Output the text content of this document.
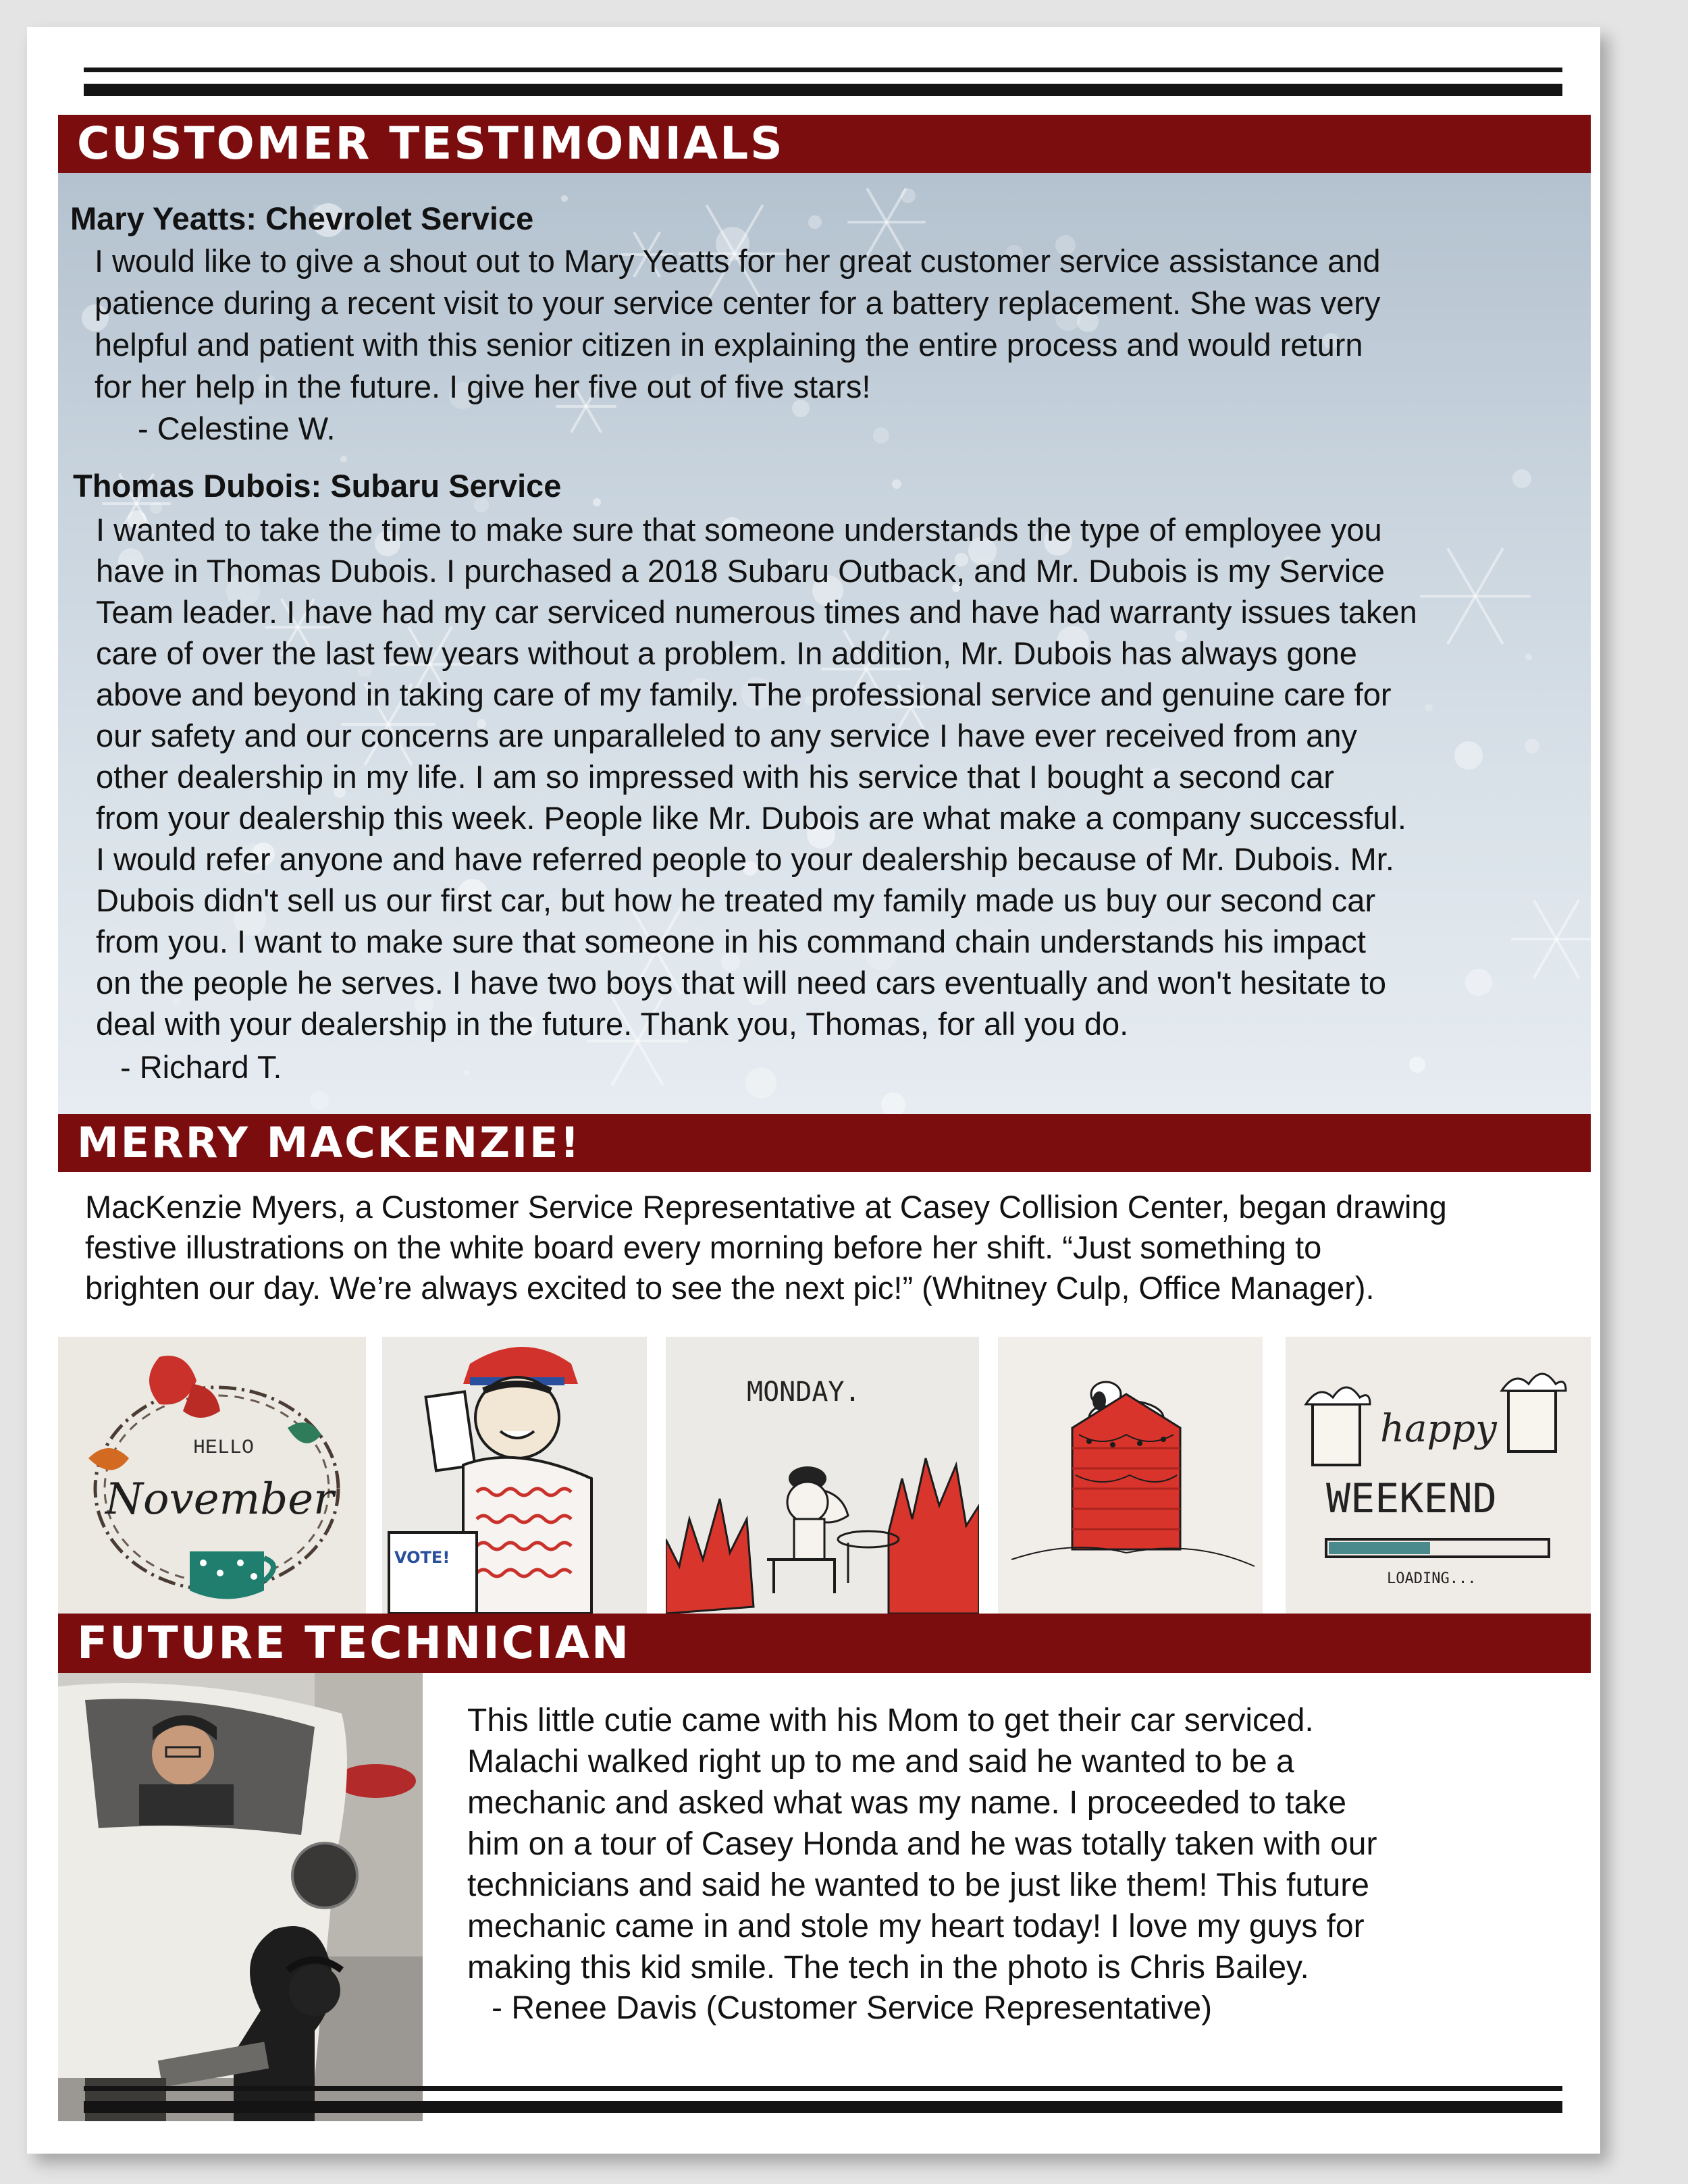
CUSTOMER TESTIMONIALS
Mary Yeatts: Chevrolet Service
I would like to give a shout out to Mary Yeatts for her great customer service assistance and
patience during a recent visit to your service center for a battery replacement. She was very
helpful and patient with this senior citizen in explaining the entire process and would return
for her help in the future. I give her five out of five stars!
- Celestine W.
Thomas Dubois: Subaru Service
I wanted to take the time to make sure that someone understands the type of employee you
have in Thomas Dubois. I purchased a 2018 Subaru Outback, and Mr. Dubois is my Service
Team leader. I have had my car serviced numerous times and have had warranty issues taken
care of over the last few years without a problem. In addition, Mr. Dubois has always gone
above and beyond in taking care of my family. The professional service and genuine care for
our safety and our concerns are unparalleled to any service I have ever received from any
other dealership in my life. I am so impressed with his service that I bought a second car
from your dealership this week. People like Mr. Dubois are what make a company successful.
I would refer anyone and have referred people to your dealership because of Mr. Dubois. Mr.
Dubois didn't sell us our first car, but how he treated my family made us buy our second car
from you. I want to make sure that someone in his command chain understands his impact
on the people he serves. I have two boys that will need cars eventually and won't hesitate to
deal with your dealership in the future. Thank you, Thomas, for all you do.
- Richard T.
MERRY MACKENZIE!
MacKenzie Myers, a Customer Service Representative at Casey Collision Center, began drawing
festive illustrations on the white board every morning before her shift. “Just something to
brighten our day. We’re always excited to see the next pic!” (Whitney Culp, Office Manager).
HELLO
November
VOTE!
MONDAY.
happy
WEEKEND
LOADING...
FUTURE TECHNICIAN
This little cutie came with his Mom to get their car serviced.
Malachi walked right up to me and said he wanted to be a
mechanic and asked what was my name. I proceeded to take
him on a tour of Casey Honda and he was totally taken with our
technicians and said he wanted to be just like them! This future
mechanic came in and stole my heart today! I love my guys for
making this kid smile. The tech in the photo is Chris Bailey.
- Renee Davis (Customer Service Representative)
